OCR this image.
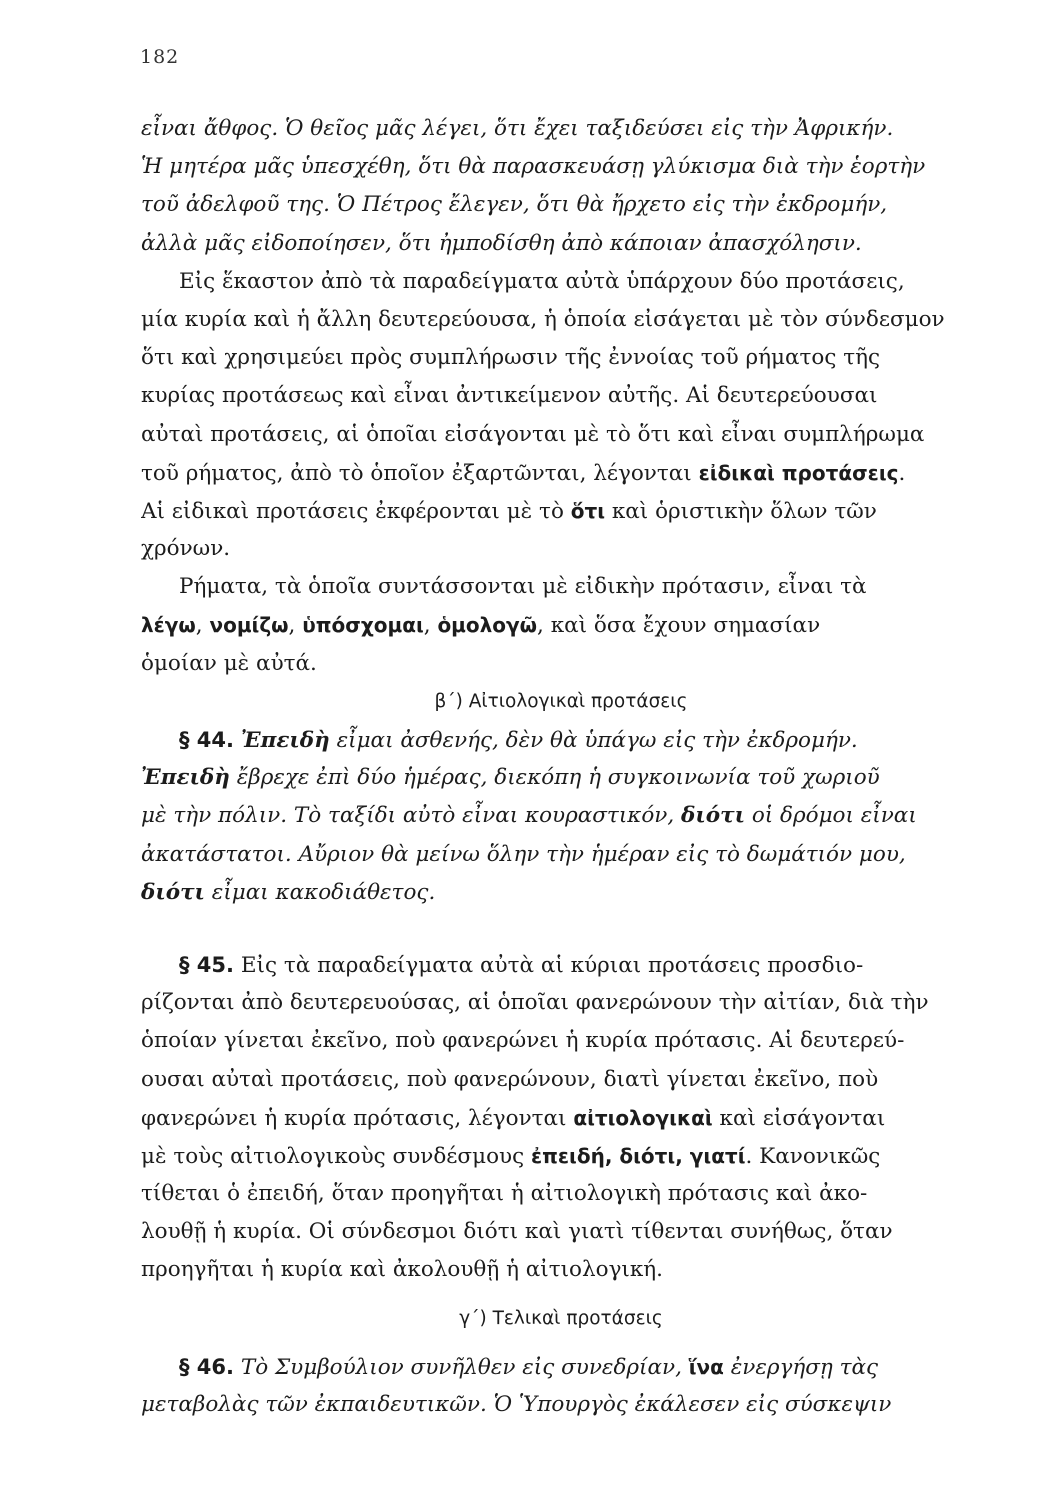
182
εἶναι ἄθφος. Ὁ θεῖος μᾶς λέγει, ὅτι ἔχει ταξιδεύσει εἰς τὴν Ἀφρικήν.
Ἡ μητέρα μᾶς ὑπεσχέθη, ὅτι θὰ παρασκευάσῃ γλύκισμα διὰ τὴν ἑορτὴν
τοῦ ἀδελφοῦ της. Ὁ Πέτρος ἔλεγεν, ὅτι θὰ ἤρχετο εἰς τὴν ἐκδρομήν,
ἀλλὰ μᾶς εἰδοποίησεν, ὅτι ἠμποδίσθη ἀπὸ κάποιαν ἀπασχόλησιν.
Εἰς ἕκαστον ἀπὸ τὰ παραδείγματα αὐτὰ ὑπάρχουν δύο προτάσεις,
μία κυρία καὶ ἡ ἄλλη δευτερεύουσα, ἡ ὁποία εἰσάγεται μὲ τὸν σύνδεσμον
ὅτι καὶ χρησιμεύει πρὸς συμπλήρωσιν τῆς ἐννοίας τοῦ ρήματος τῆς
κυρίας προτάσεως καὶ εἶναι ἀντικείμενον αὐτῆς. Αἱ δευτερεύουσαι
αὐταὶ προτάσεις, αἱ ὁποῖαι εἰσάγονται μὲ τὸ ὅτι καὶ εἶναι συμπλήρωμα
τοῦ ρήματος, ἀπὸ τὸ ὁποῖον ἐξαρτῶνται, λέγονται εἰδικαὶ προτάσεις.
Αἱ εἰδικαὶ προτάσεις ἐκφέρονται μὲ τὸ ὅτι καὶ ὁριστικὴν ὅλων τῶν
χρόνων.
Ρήματα, τὰ ὁποῖα συντάσσονται μὲ εἰδικὴν πρότασιν, εἶναι τὰ
λέγω, νομίζω, ὑπόσχομαι, ὁμολογῶ, καὶ ὅσα ἔχουν σημασίαν
ὁμοίαν μὲ αὐτά.
β΄) Αἰτιολογικαὶ προτάσεις
§ 44. Ἐπειδὴ εἶμαι ἀσθενής, δὲν θὰ ὑπάγω εἰς τὴν ἐκδρομήν.
Ἐπειδὴ ἔβρεχε ἐπὶ δύο ἡμέρας, διεκόπη ἡ συγκοινωνία τοῦ χωριοῦ
μὲ τὴν πόλιν. Τὸ ταξίδι αὐτὸ εἶναι κουραστικόν, διότι οἱ δρόμοι εἶναι
ἀκατάστατοι. Αὔριον θὰ μείνω ὅλην τὴν ἡμέραν εἰς τὸ δωμάτιόν μου,
διότι εἶμαι κακοδιάθετος.
§ 45. Εἰς τὰ παραδείγματα αὐτὰ αἱ κύριαι προτάσεις προσδιο-
ρίζονται ἀπὸ δευτερευούσας, αἱ ὁποῖαι φανερώνουν τὴν αἰτίαν, διὰ τὴν
ὁποίαν γίνεται ἐκεῖνο, ποὺ φανερώνει ἡ κυρία πρότασις. Αἱ δευτερεύ-
ουσαι αὐταὶ προτάσεις, ποὺ φανερώνουν, διατὶ γίνεται ἐκεῖνο, ποὺ
φανερώνει ἡ κυρία πρότασις, λέγονται αἰτιολογικαὶ καὶ εἰσάγονται
μὲ τοὺς αἰτιολογικοὺς συνδέσμους ἐπειδή, διότι, γιατί. Κανονικῶς
τίθεται ὁ ἐπειδή, ὅταν προηγῆται ἡ αἰτιολογικὴ πρότασις καὶ ἀκο-
λουθῇ ἡ κυρία. Οἱ σύνδεσμοι διότι καὶ γιατὶ τίθενται συνήθως, ὅταν
προηγῆται ἡ κυρία καὶ ἀκολουθῇ ἡ αἰτιολογική.
γ΄) Τελικαὶ προτάσεις
§ 46. Τὸ Συμβούλιον συνῆλθεν εἰς συνεδρίαν, ἵνα ἐνεργήσῃ τὰς
μεταβολὰς τῶν ἐκπαιδευτικῶν. Ὁ Ὑπουργὸς ἐκάλεσεν εἰς σύσκεψιν
